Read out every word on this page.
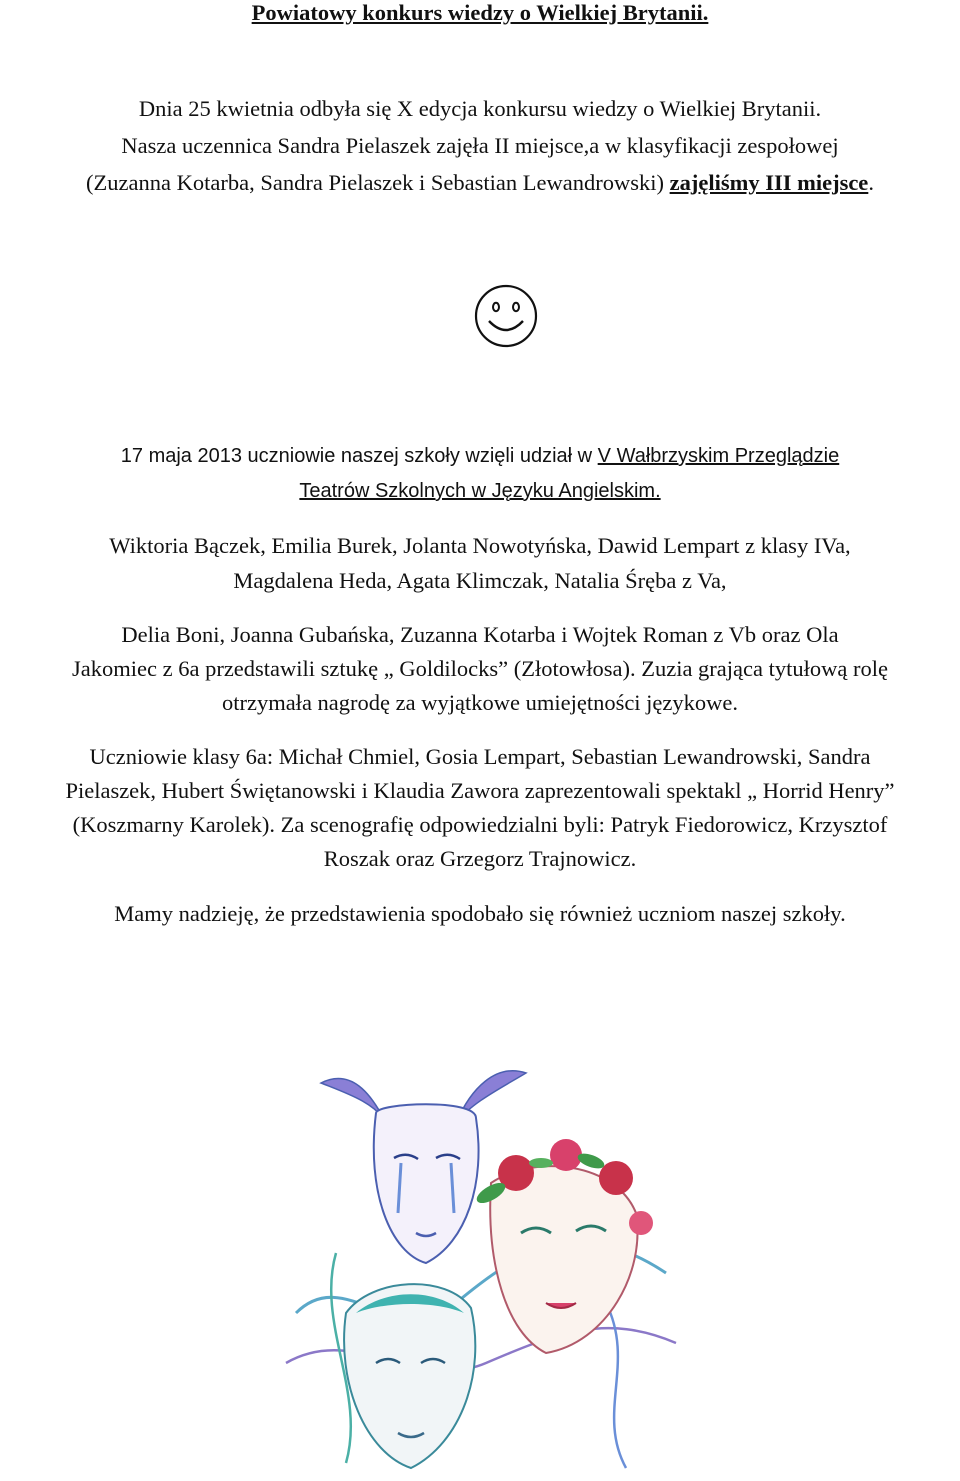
Powiatowy konkurs wiedzy o Wielkiej Brytanii.
Dnia 25 kwietnia odbyła się X edycja konkursu wiedzy o Wielkiej Brytanii.
Nasza uczennica Sandra Pielaszek zajęła II miejsce,a w klasyfikacji zespołowej
(Zuzanna Kotarba, Sandra Pielaszek i Sebastian Lewandrowski) zajęliśmy III miejsce.
17 maja 2013 uczniowie naszej szkoły wzięli udział w V Wałbrzyskim Przeglądzie
Teatrów Szkolnych w Języku Angielskim.
Wiktoria Bączek, Emilia Burek, Jolanta Nowotyńska, Dawid Lempart z klasy IVa,
Magdalena Heda, Agata Klimczak, Natalia Śręba z Va,
Delia Boni, Joanna Gubańska, Zuzanna Kotarba i Wojtek Roman z Vb oraz Ola
Jakomiec z 6a przedstawili sztukę „ Goldilocks” (Złotowłosa). Zuzia grająca tytułową rolę
otrzymała nagrodę za wyjątkowe umiejętności językowe.
Uczniowie klasy 6a: Michał Chmiel, Gosia Lempart, Sebastian Lewandrowski, Sandra
Pielaszek, Hubert Świętanowski i Klaudia Zawora zaprezentowali spektakl „ Horrid Henry”
(Koszmarny Karolek). Za scenografię odpowiedzialni byli: Patryk Fiedorowicz, Krzysztof
Roszak oraz Grzegorz Trajnowicz.
Mamy nadzieję, że przedstawienia spodobało się również uczniom naszej szkoły.
